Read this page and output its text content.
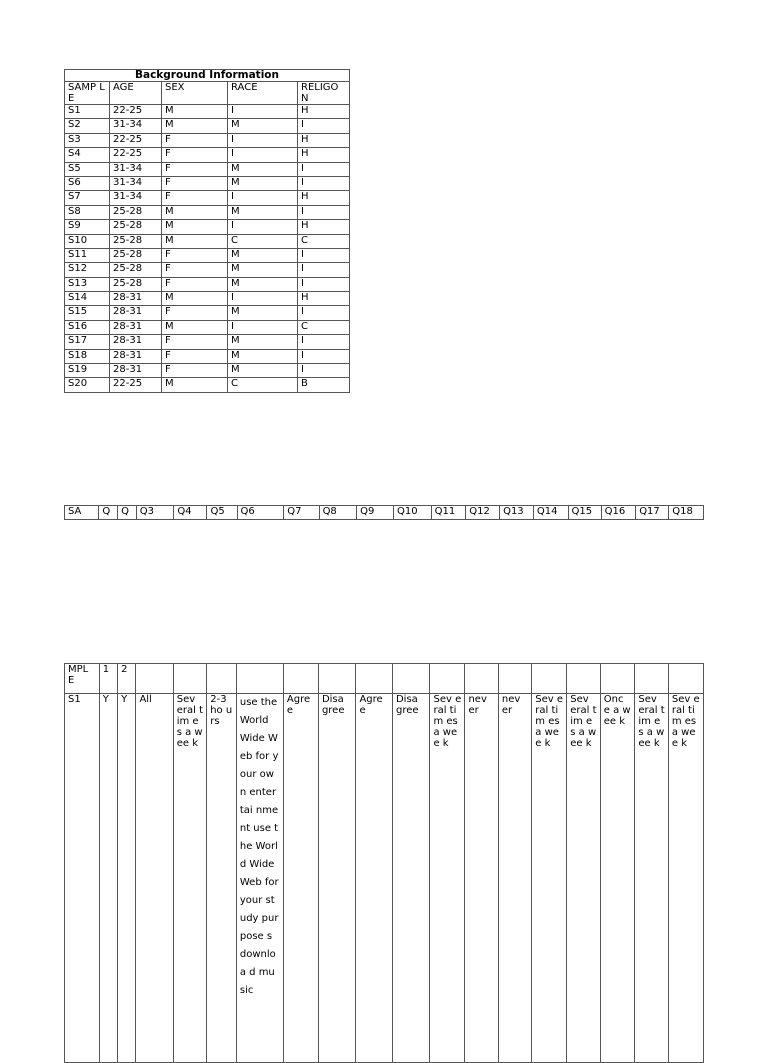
Background Information				
SAMP LE	AGE	SEX	RACE	RELIGO N
S1	22-25	M	I	H
S2	31-34	M	M	I
S3	22-25	F	I	H
S4	22-25	F	I	H
S5	31-34	F	M	I
S6	31-34	F	M	I
S7	31-34	F	I	H
S8	25-28	M	M	I
S9	25-28	M	I	H
S10	25-28	M	C	C
S11	25-28	F	M	I
S12	25-28	F	M	I
S13	25-28	F	M	I
S14	28-31	M	I	H
S15	28-31	F	M	I
S16	28-31	M	I	C
S17	28-31	F	M	I
S18	28-31	F	M	I
S19	28-31	F	M	I
S20	22-25	M	C	B
SA	Q	Q	Q3	Q4	Q5	Q6	Q7	Q8	Q9	Q10	Q11	Q12	Q13	Q14	Q15	Q16	Q17	Q18
MPL E	1	2																
S1	Y	Y	All	Sev eral tim es a wee k	2-3 ho urs	use the World Wide Web for your own entertai nment use the World Wide Web for your study purpose s downloa d music	Agre e	Disa gree	Agre e	Disa gree	Sev eral tim es a wee k	nev er	nev er	Sev eral tim es a wee k	Sev eral tim es a wee k	Onc e a wee k	Sev eral tim es a wee k	Sev eral tim es a wee k
